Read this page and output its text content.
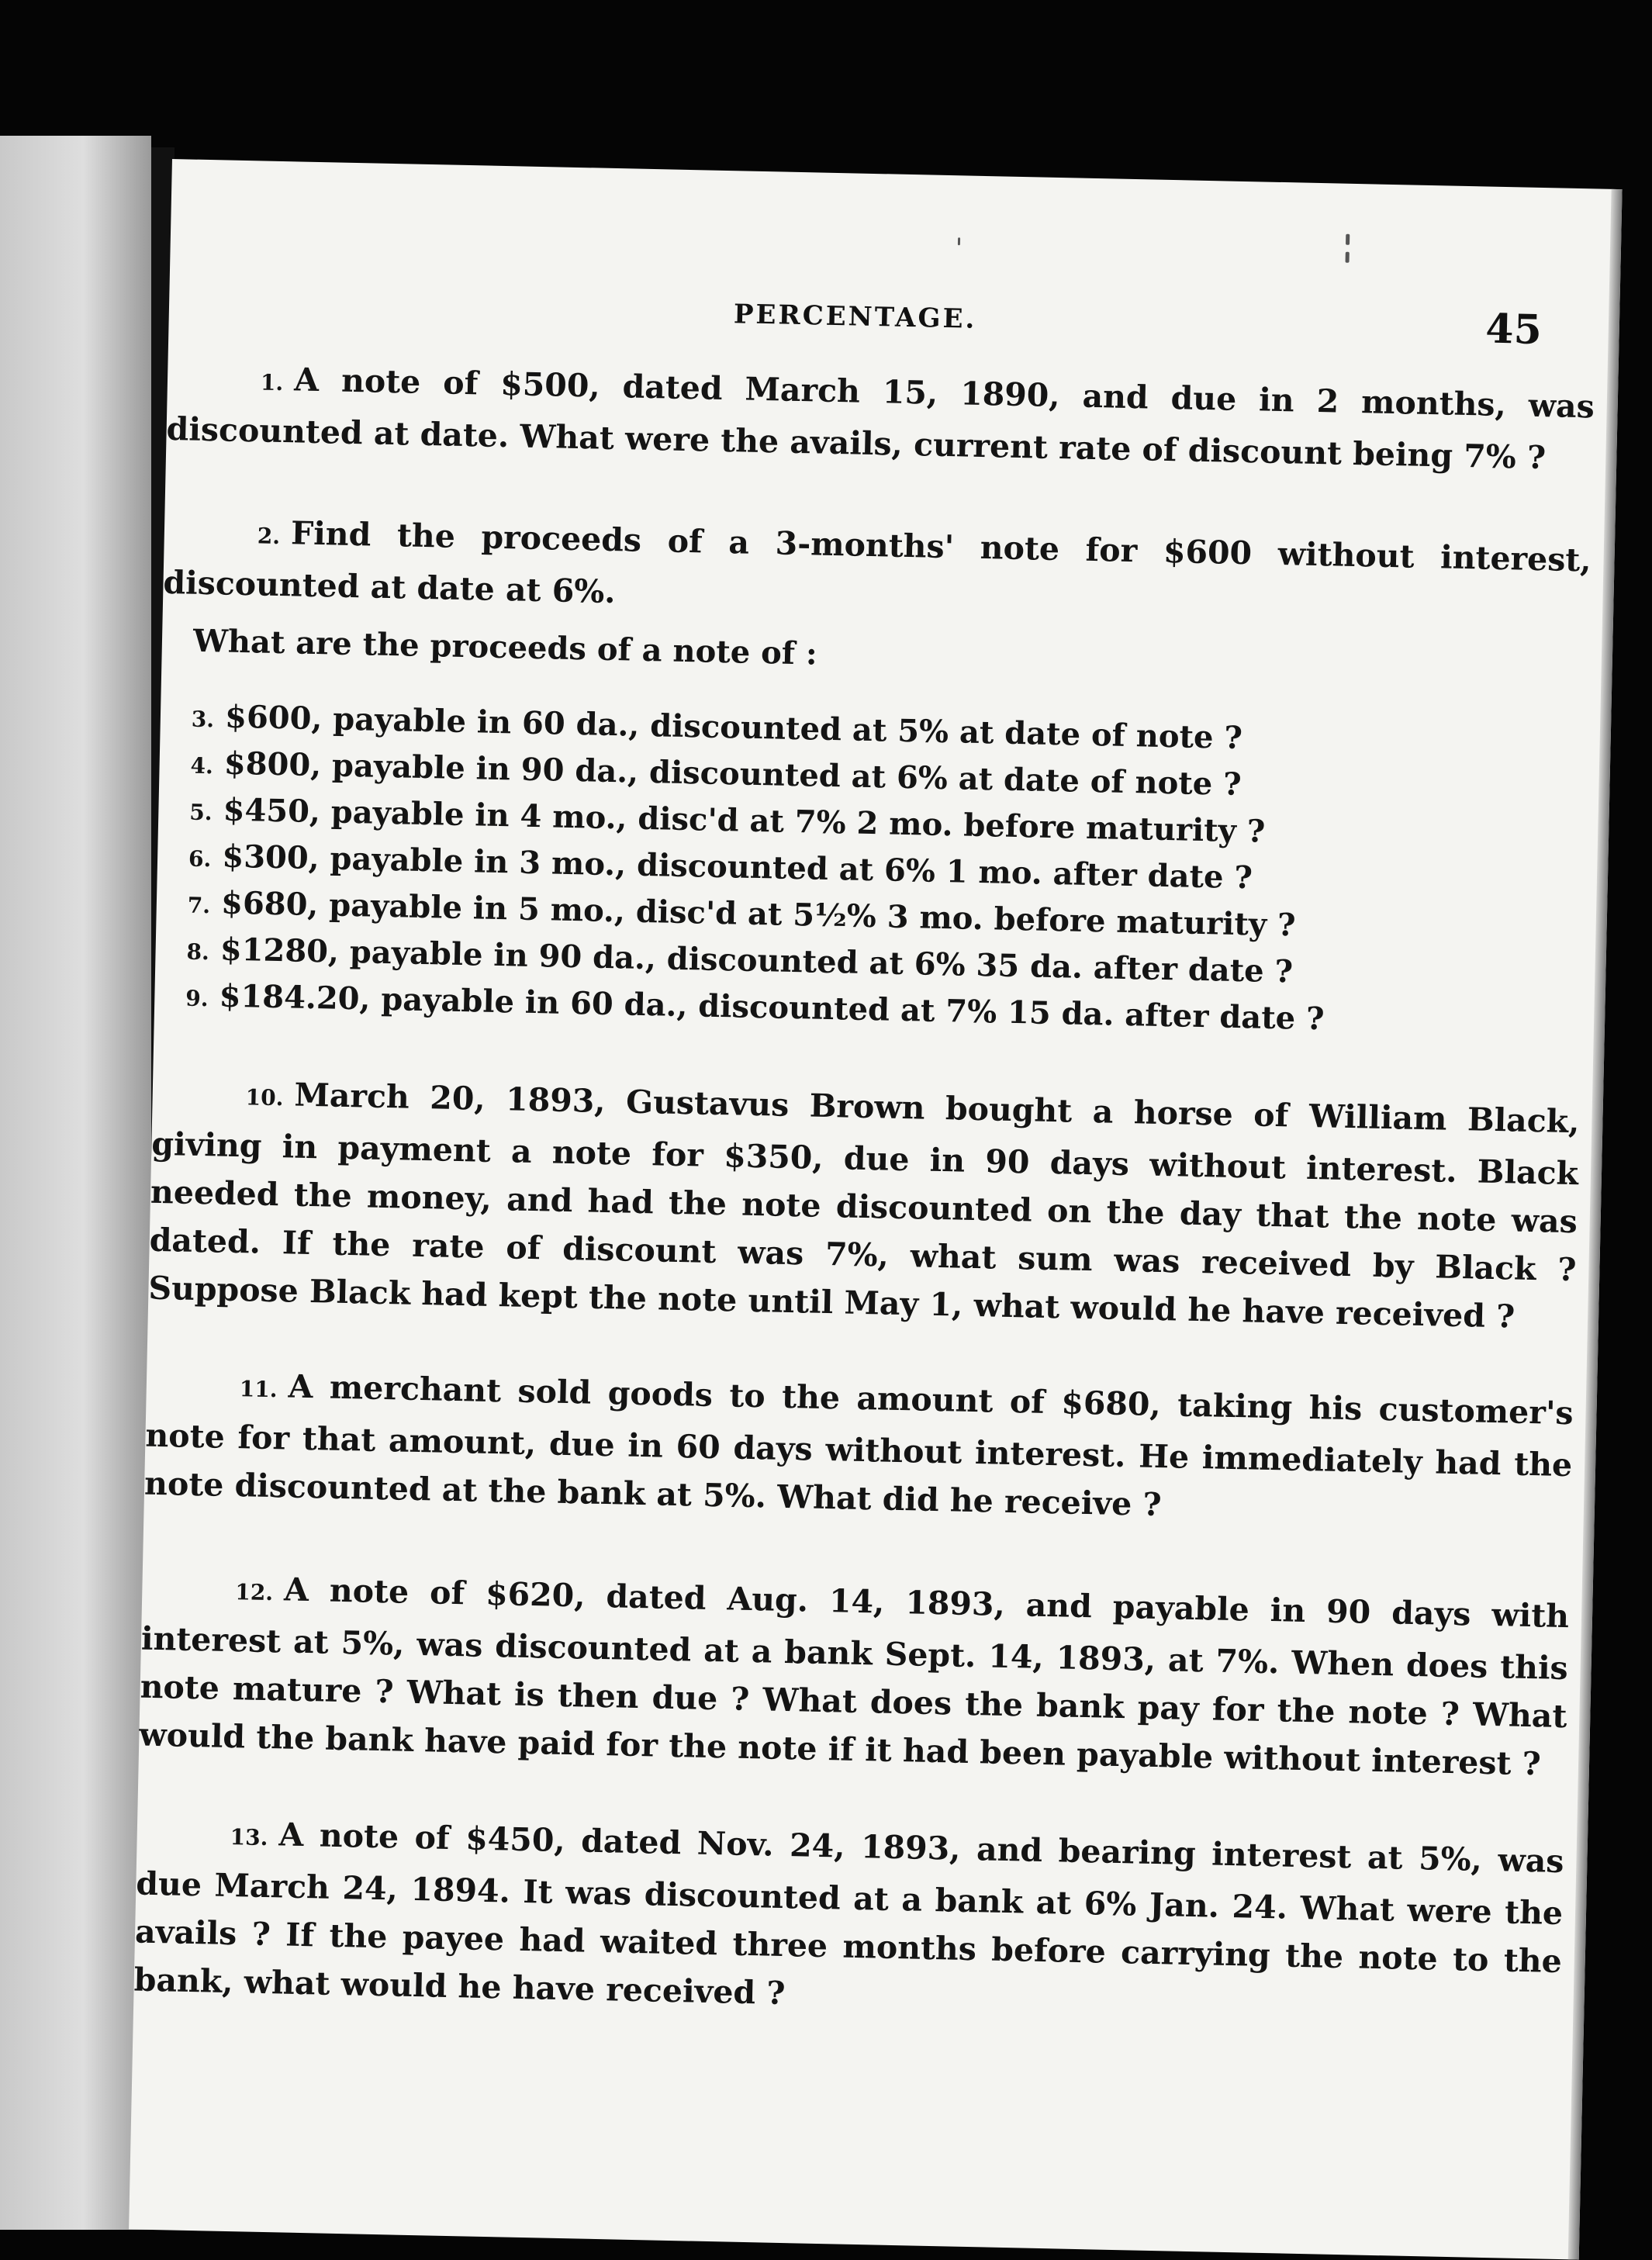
PERCENTAGE.	45

1. A note of $500, dated March 15, 1890, and due in 2 months, was discounted at date. What were the avails, current rate of discount being 7% ?

2. Find the proceeds of a 3-months' note for $600 without interest, discounted at date at 6%.

What are the proceeds of a note of :

3. $600, payable in 60 da., discounted at 5% at date of note ?

4. $800, payable in 90 da., discounted at 6% at date of note ?

5. $450, payable in 4 mo., disc'd at 7% 2 mo. before maturity ?

6. $300, payable in 3 mo., discounted at 6% 1 mo. after date ?

7. $680, payable in 5 mo., disc'd at 5½% 3 mo. before maturity ?

8. $1280, payable in 90 da., discounted at 6% 35 da. after date ?

9. $184.20, payable in 60 da., discounted at 7% 15 da. after date ?

10. March 20, 1893, Gustavus Brown bought a horse of William Black, giving in payment a note for $350, due in 90 days without interest. Black needed the money, and had the note discounted on the day that the note was dated. If the rate of discount was 7%, what sum was received by Black ? Suppose Black had kept the note until May 1, what would he have received ?

11. A merchant sold goods to the amount of $680, taking his customer's note for that amount, due in 60 days without interest. He immediately had the note discounted at the bank at 5%. What did he receive ?

12. A note of $620, dated Aug. 14, 1893, and payable in 90 days with interest at 5%, was discounted at a bank Sept. 14, 1893, at 7%. When does this note mature ? What is then due ? What does the bank pay for the note ? What would the bank have paid for the note if it had been payable without interest ?

13. A note of $450, dated Nov. 24, 1893, and bearing interest at 5%, was due March 24, 1894. It was discounted at a bank at 6% Jan. 24. What were the avails ? If the payee had waited three months before carrying the note to the bank, what would he have received ?
